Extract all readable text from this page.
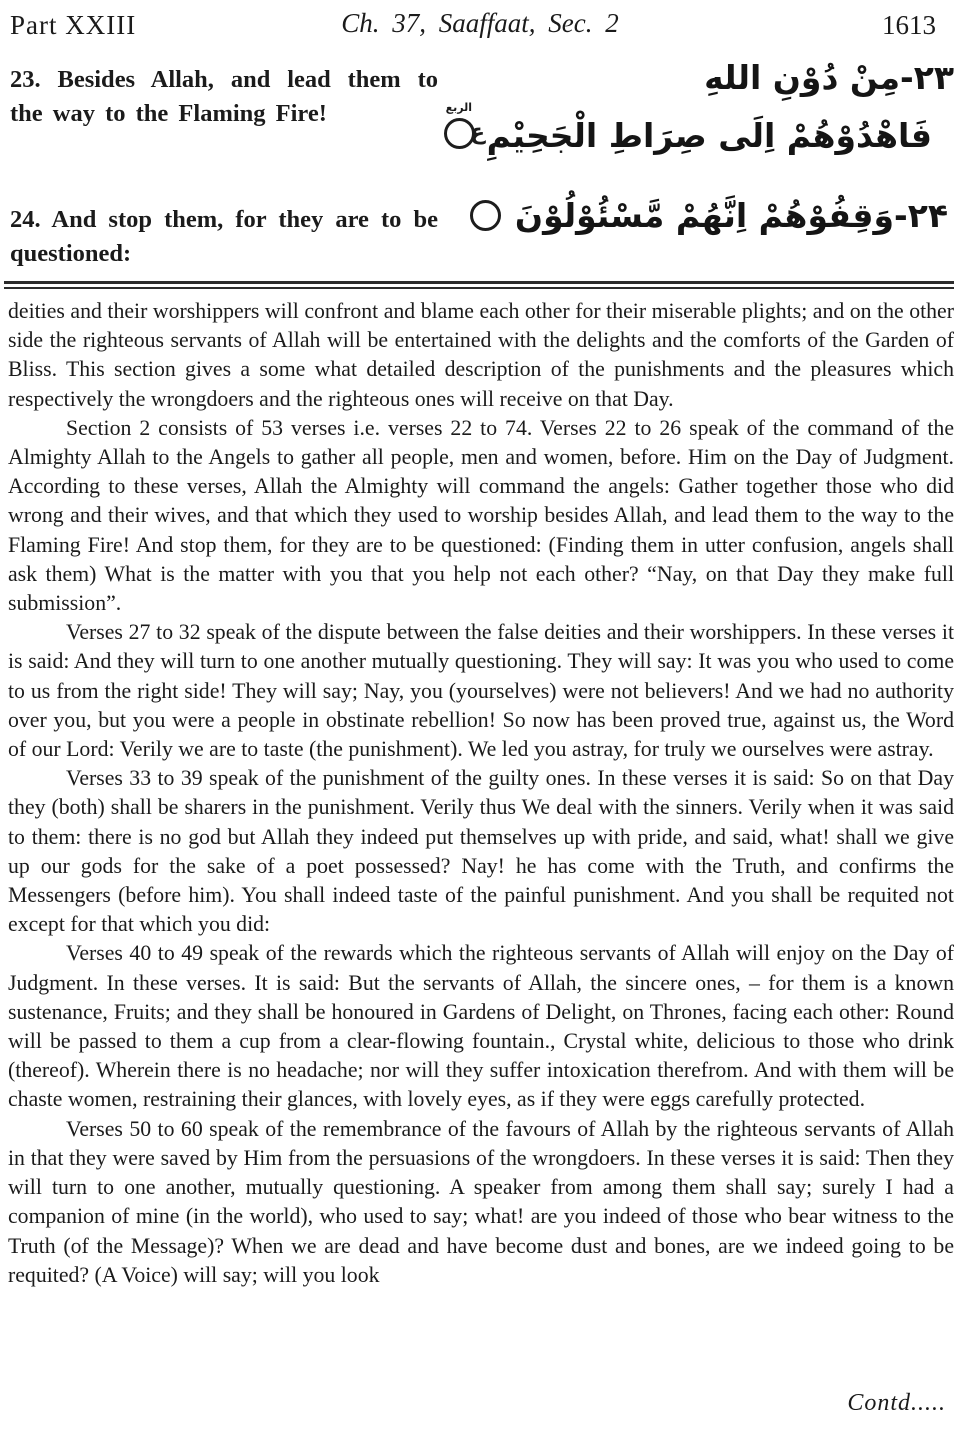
Part XXIII	Ch. 37, Saaffaat, Sec. 2	1613
23. Besides Allah, and lead them to the way to the Flaming Fire!
۲۳-مِنْ دُوْنِ اللهِ
الربع
فَاهْدُوْهُمْ اِلَى صِرَاطِ الْجَحِيْمِ
ع
24. And stop them, for they are to be questioned:
۲۴-وَقِفُوْهُمْ اِنَّهُمْ مَّسْئُوْلُوْنَ

deities and their worshippers will confront and blame each other for their miserable plights; and on the other side the righteous servants of Allah will be entertained with the delights and the comforts of the Garden of Bliss. This section gives a some what detailed description of the punishments and the pleasures which respectively the wrongdoers and the righteous ones will receive on that Day.

Section 2 consists of 53 verses i.e. verses 22 to 74. Verses 22 to 26 speak of the command of the Almighty Allah to the Angels to gather all people, men and women, before. Him on the Day of Judgment. According to these verses, Allah the Almighty will command the angels: Gather together those who did wrong and their wives, and that which they used to worship besides Allah, and lead them to the way to the Flaming Fire! And stop them, for they are to be questioned: (Finding them in utter confusion, angels shall ask them) What is the matter with you that you help not each other? “Nay, on that Day they make full submission”.

Verses 27 to 32 speak of the dispute between the false deities and their worshippers. In these verses it is said: And they will turn to one another mutually questioning. They will say: It was you who used to come to us from the right side! They will say; Nay, you (yourselves) were not believers! And we had no authority over you, but you were a people in obstinate rebellion! So now has been proved true, against us, the Word of our Lord: Verily we are to taste (the punishment). We led you astray, for truly we ourselves were astray.

Verses 33 to 39 speak of the punishment of the guilty ones. In these verses it is said: So on that Day they (both) shall be sharers in the punishment. Verily thus We deal with the sinners. Verily when it was said to them: there is no god but Allah they indeed put themselves up with pride, and said, what! shall we give up our gods for the sake of a poet possessed? Nay! he has come with the Truth, and confirms the Messengers (before him). You shall indeed taste of the painful punishment. And you shall be requited not except for that which you did:

Verses 40 to 49 speak of the rewards which the righteous servants of Allah will enjoy on the Day of Judgment. In these verses. It is said: But the servants of Allah, the sincere ones, – for them is a known sustenance, Fruits; and they shall be honoured in Gardens of Delight, on Thrones, facing each other: Round will be passed to them a cup from a clear-flowing fountain., Crystal white, delicious to those who drink (thereof). Wherein there is no headache; nor will they suffer intoxication therefrom. And with them will be chaste women, restraining their glances, with lovely eyes, as if they were eggs carefully protected.

Verses 50 to 60 speak of the remembrance of the favours of Allah by the righteous servants of Allah in that they were saved by Him from the persuasions of the wrongdoers. In these verses it is said: Then they will turn to one another, mutually questioning. A speaker from among them shall say; surely I had a companion of mine (in the world), who used to say; what! are you indeed of those who bear witness to the Truth (of the Message)? When we are dead and have become dust and bones, are we indeed going to be requited? (A Voice) will say; will you look

Contd.....
